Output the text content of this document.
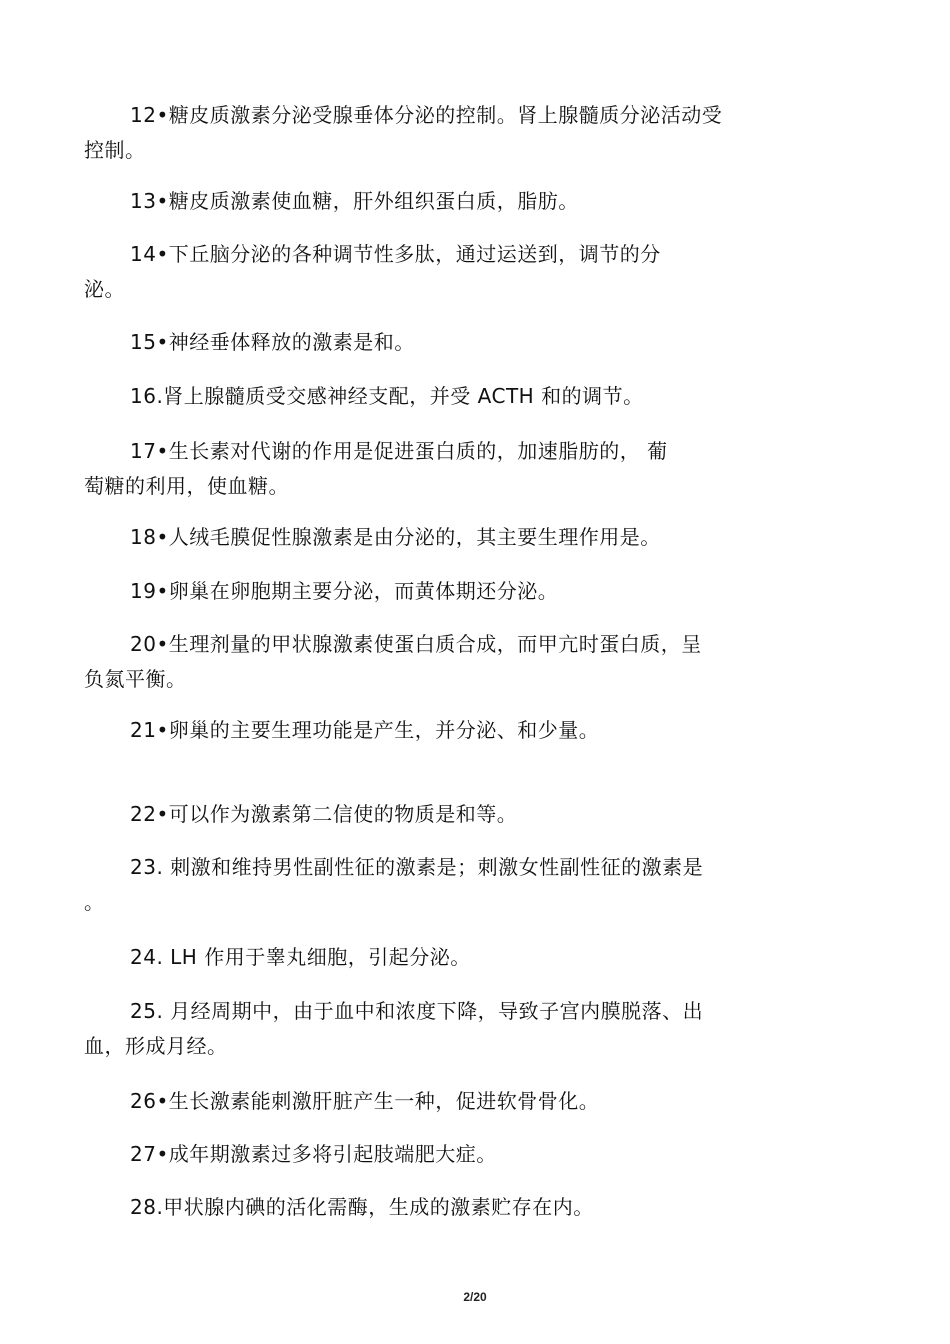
12•糖皮质激素分泌受腺垂体分泌的控制。肾上腺髓质分泌活动受
控制。

13•糖皮质激素使血糖，肝外组织蛋白质，脂肪。

14•下丘脑分泌的各种调节性多肽，通过运送到，调节的分
泌。

15•神经垂体释放的激素是和。

16.肾上腺髓质受交感神经支配，并受 ACTH 和的调节。

17•生长素对代谢的作用是促进蛋白质的，加速脂肪的， 葡
萄糖的利用，使血糖。

18•人绒毛膜促性腺激素是由分泌的，其主要生理作用是。

19•卵巢在卵胞期主要分泌，而黄体期还分泌。

20•生理剂量的甲状腺激素使蛋白质合成，而甲亢时蛋白质，呈
负氮平衡。

21•卵巢的主要生理功能是产生，并分泌、和少量。

22•可以作为激素第二信使的物质是和等。

23. 刺激和维持男性副性征的激素是；刺激女性副性征的激素是
。

24. LH 作用于睾丸细胞，引起分泌。

25. 月经周期中，由于血中和浓度下降，导致子宫内膜脱落、出
血，形成月经。

26•生长激素能刺激肝脏产生一种，促进软骨骨化。

27•成年期激素过多将引起肢端肥大症。

28.甲状腺内碘的活化需酶，生成的激素贮存在内。

2/20
